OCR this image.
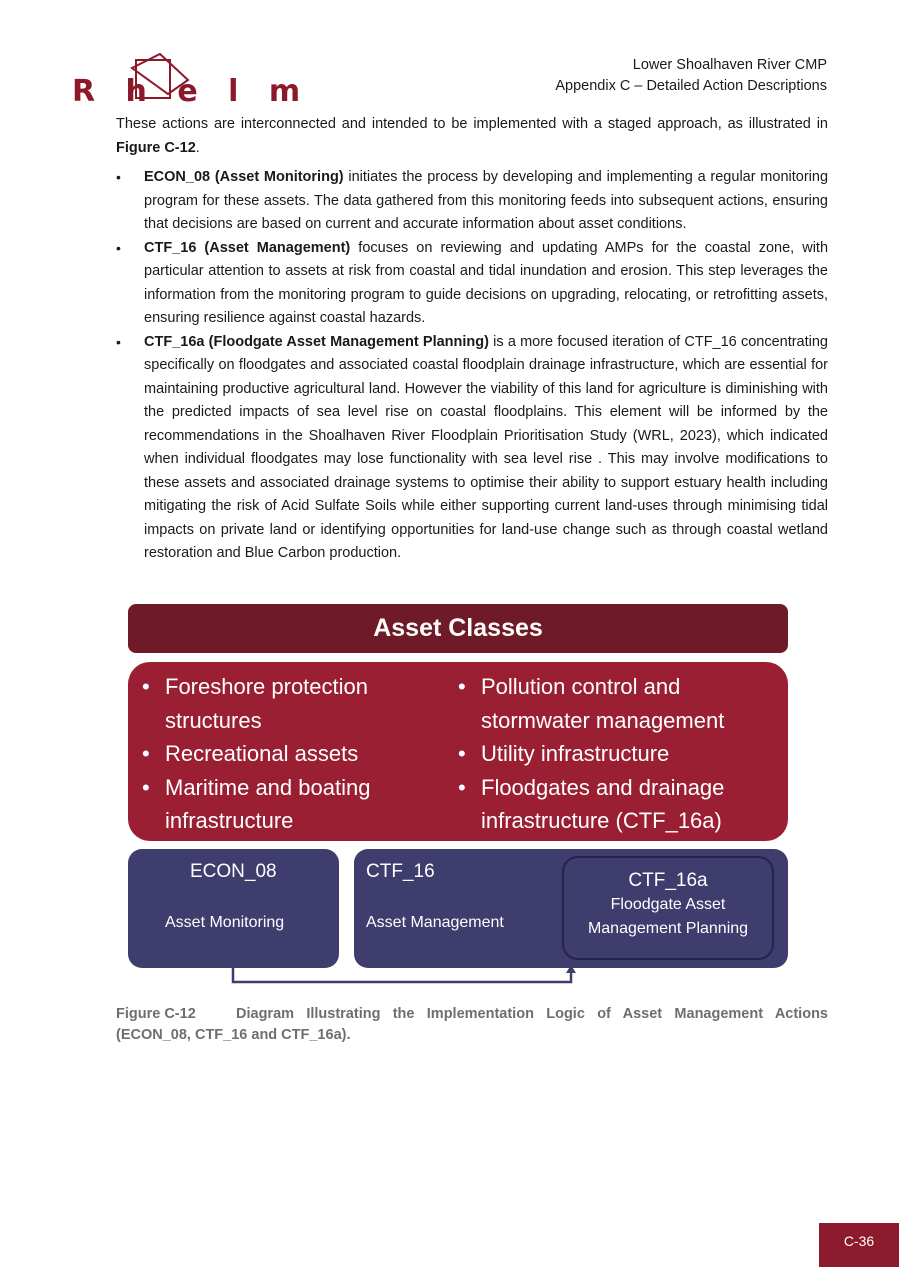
R h e l m
Lower Shoalhaven River CMP
Appendix C – Detailed Action Descriptions

These actions are interconnected and intended to be implemented with a staged approach, as illustrated in Figure C-12.

• ECON_08 (Asset Monitoring) initiates the process by developing and implementing a regular monitoring program for these assets. The data gathered from this monitoring feeds into subsequent actions, ensuring that decisions are based on current and accurate information about asset conditions.
• CTF_16 (Asset Management) focuses on reviewing and updating AMPs for the coastal zone, with particular attention to assets at risk from coastal and tidal inundation and erosion. This step leverages the information from the monitoring program to guide decisions on upgrading, relocating, or retrofitting assets, ensuring resilience against coastal hazards.
• CTF_16a (Floodgate Asset Management Planning) is a more focused iteration of CTF_16 concentrating specifically on floodgates and associated coastal floodplain drainage infrastructure, which are essential for maintaining productive agricultural land. However the viability of this land for agriculture is diminishing with the predicted impacts of sea level rise on coastal floodplains. This element will be informed by the recommendations in the Shoalhaven River Floodplain Prioritisation Study (WRL, 2023), which indicated when individual floodgates may lose functionality with sea level rise . This may involve modifications to these assets and associated drainage systems to optimise their ability to support estuary health including mitigating the risk of Acid Sulfate Soils while either supporting current land-uses through minimising tidal impacts on private land or identifying opportunities for land-use change such as through coastal wetland restoration and Blue Carbon production.
Asset Classes
• Foreshore protection structures
• Recreational assets
• Maritime and boating infrastructure
• Pollution control and stormwater management
• Utility infrastructure
• Floodgates and drainage infrastructure (CTF_16a)
ECON_08
Asset Monitoring
CTF_16
Asset Management
CTF_16a
Floodgate Asset
Management Planning
Figure C-12	Diagram Illustrating the Implementation Logic of Asset Management Actions (ECON_08, CTF_16 and CTF_16a).
C-36
